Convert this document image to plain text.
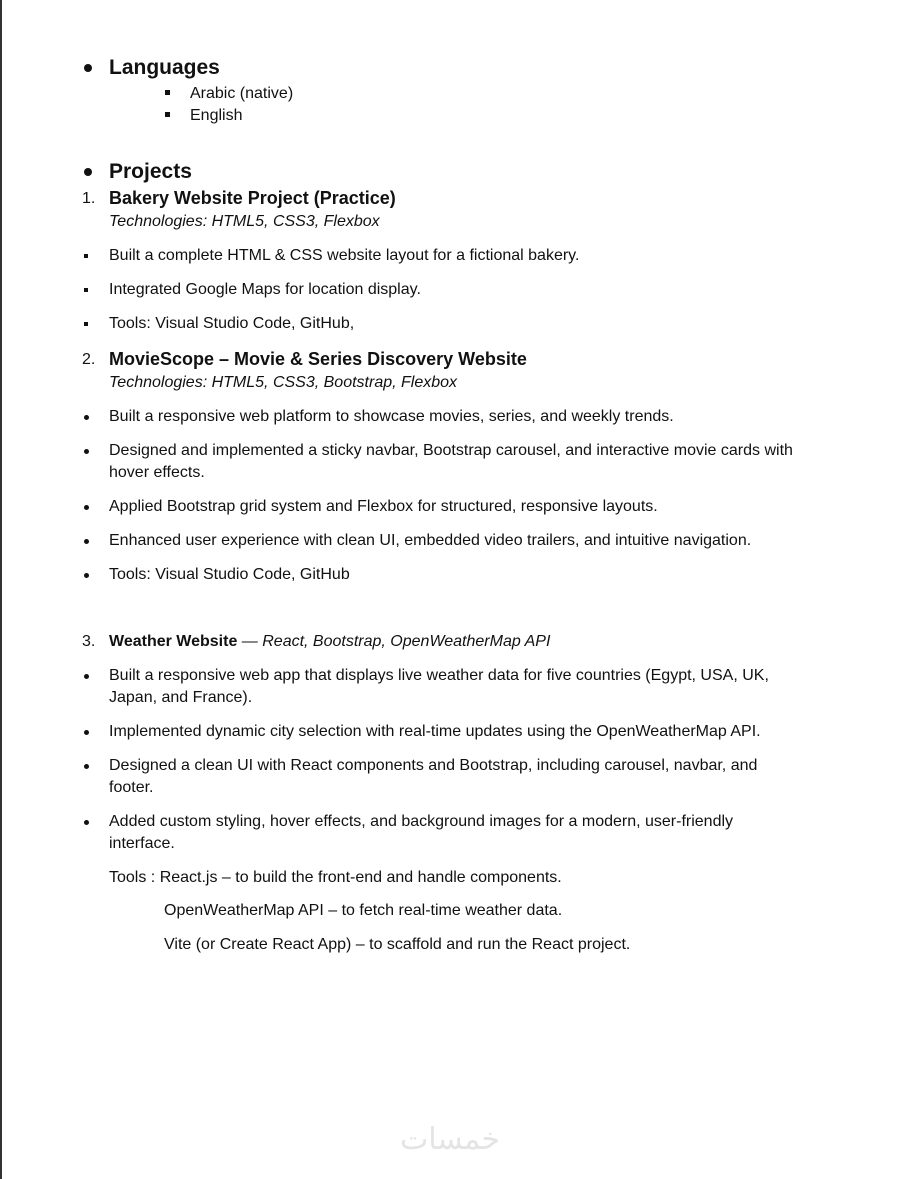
Languages
Arabic (native)
English
Projects
1. Bakery Website Project (Practice)
Technologies: HTML5, CSS3, Flexbox
Built a complete HTML & CSS website layout for a fictional bakery.
Integrated Google Maps for location display.
Tools: Visual Studio Code, GitHub,
2. MovieScope – Movie & Series Discovery Website
Technologies: HTML5, CSS3, Bootstrap, Flexbox
Built a responsive web platform to showcase movies, series, and weekly trends.
Designed and implemented a sticky navbar, Bootstrap carousel, and interactive movie cards with
hover effects.
Applied Bootstrap grid system and Flexbox for structured, responsive layouts.
Enhanced user experience with clean UI, embedded video trailers, and intuitive navigation.
Tools: Visual Studio Code, GitHub
3. Weather Website — React, Bootstrap, OpenWeatherMap API
Built a responsive web app that displays live weather data for five countries (Egypt, USA, UK,
Japan, and France).
Implemented dynamic city selection with real-time updates using the OpenWeatherMap API.
Designed a clean UI with React components and Bootstrap, including carousel, navbar, and
footer.
Added custom styling, hover effects, and background images for a modern, user-friendly
interface.
Tools : React.js – to build the front-end and handle components.
OpenWeatherMap API – to fetch real-time weather data.
Vite (or Create React App) – to scaffold and run the React project.
خمسات
